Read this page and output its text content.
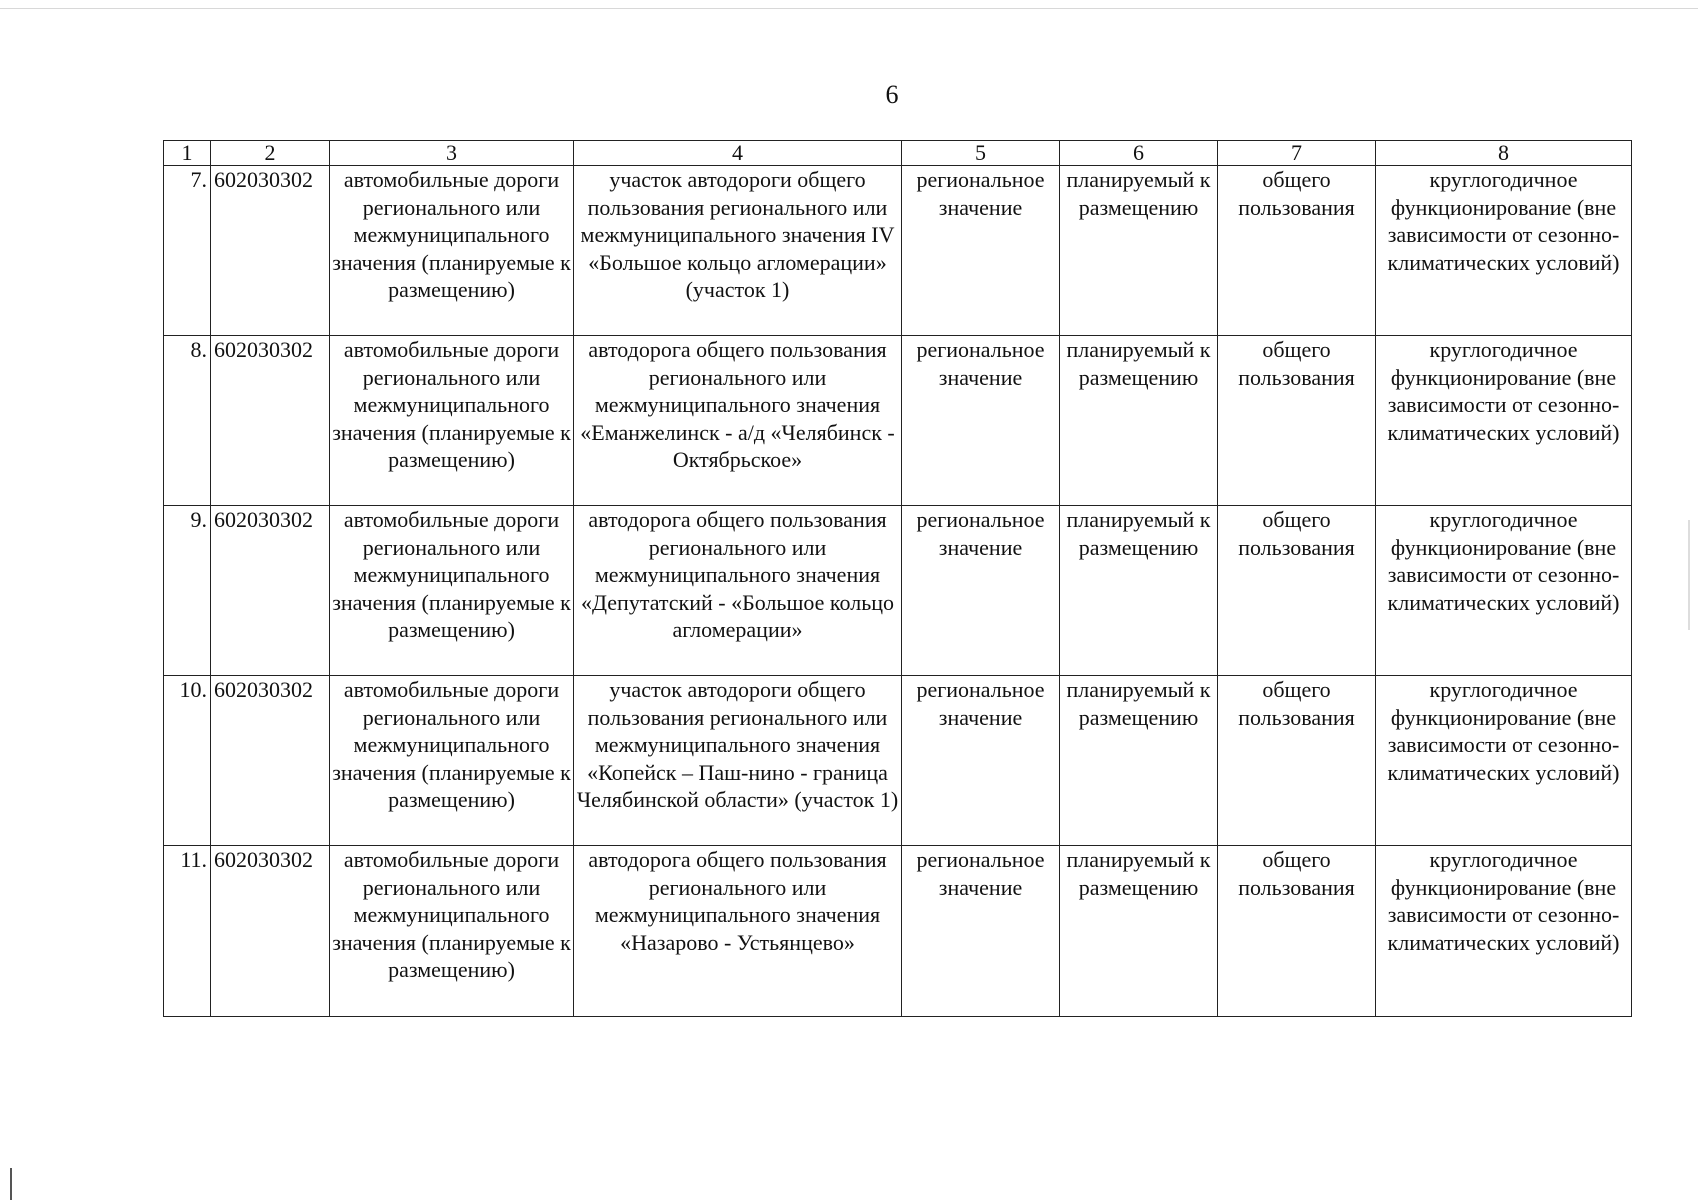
6
1	2	3	4	5	6	7	8
7.	602030302	автомобильные дороги регионального или межмуниципального значения (планируемые к размещению)	участок автодороги общего пользования регионального или межмуниципального значения IV «Большое кольцо агломерации» (участок 1)	региональное значение	планируемый к размещению	общего пользования	круглогодичное функционирование (вне зависимости от сезонно-климатических условий)
8.	602030302	автомобильные дороги регионального или межмуниципального значения (планируемые к размещению)	автодорога общего пользования регионального или межмуниципального значения «Еманжелинск - а/д «Челябинск - Октябрьское»	региональное значение	планируемый к размещению	общего пользования	круглогодичное функционирование (вне зависимости от сезонно-климатических условий)
9.	602030302	автомобильные дороги регионального или межмуниципального значения (планируемые к размещению)	автодорога общего пользования регионального или межмуниципального значения «Депутатский - «Большое кольцо агломерации»	региональное значение	планируемый к размещению	общего пользования	круглогодичное функционирование (вне зависимости от сезонно-климатических условий)
10.	602030302	автомобильные дороги регионального или межмуниципального значения (планируемые к размещению)	участок автодороги общего пользования регионального или межмуниципального значения «Копейск – Паш-нино - граница Челябинской области» (участок 1)	региональное значение	планируемый к размещению	общего пользования	круглогодичное функционирование (вне зависимости от сезонно-климатических условий)
11.	602030302	автомобильные дороги регионального или межмуниципального значения (планируемые к размещению)	автодорога общего пользования регионального или межмуниципального значения «Назарово - Устьянцево»	региональное значение	планируемый к размещению	общего пользования	круглогодичное функционирование (вне зависимости от сезонно-климатических условий)
